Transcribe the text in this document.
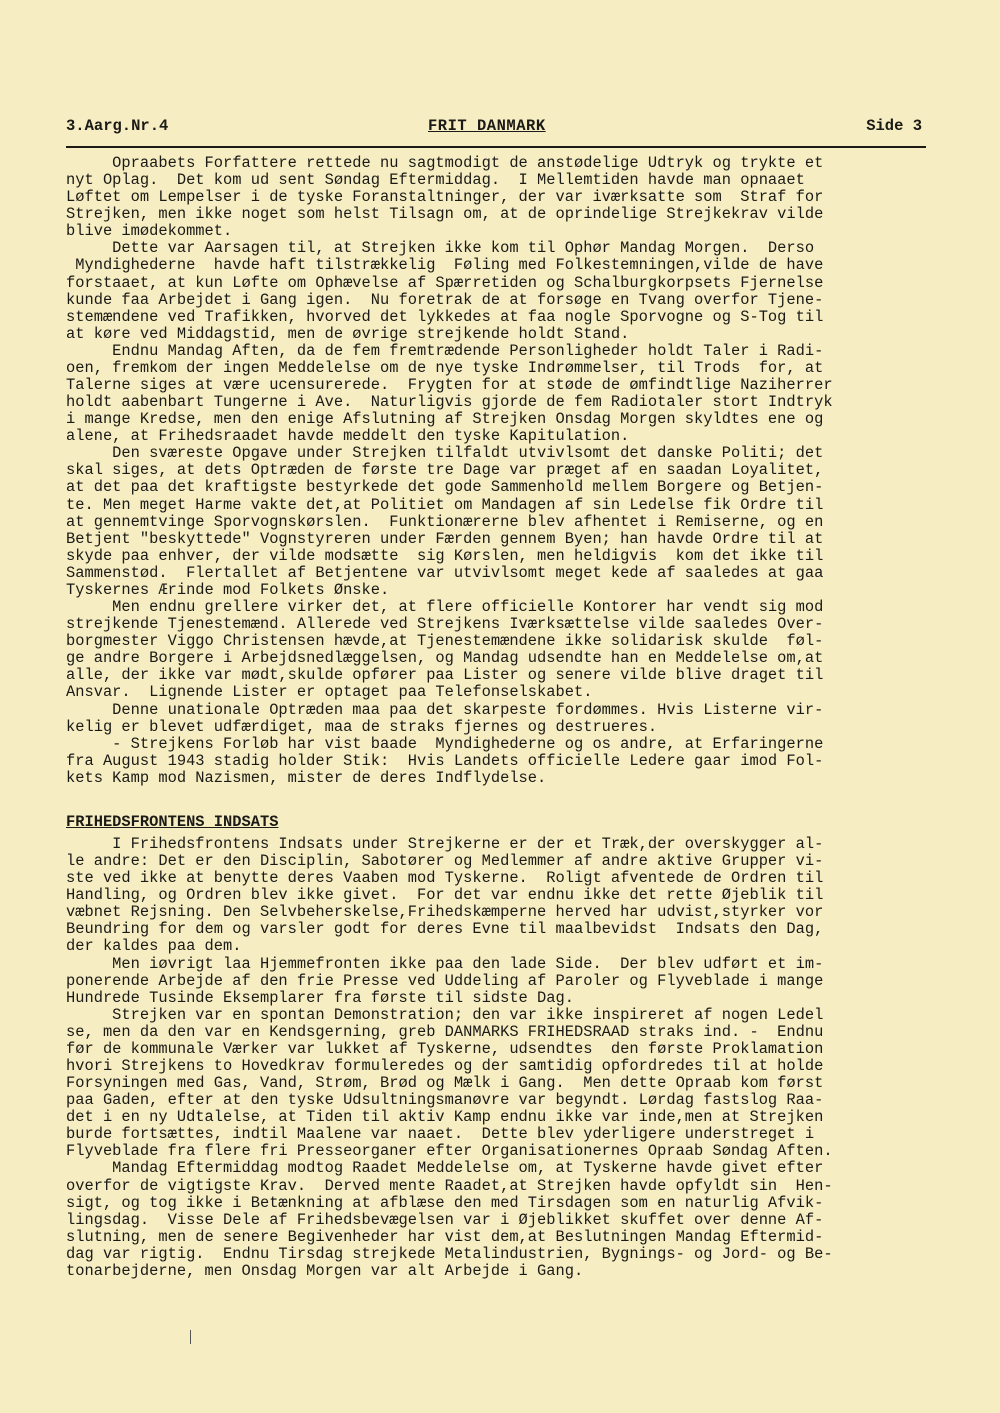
3.Aarg.Nr.4	FRIT DANMARK	Side 3
Opraabets Forfattere rettede nu sagtmodigt de anstødelige Udtryk og trykte et
nyt Oplag.  Det kom ud sent Søndag Eftermiddag.  I Mellemtiden havde man opnaaet
Løftet om Lempelser i de tyske Foranstaltninger, der var iværksatte som  Straf for
Strejken, men ikke noget som helst Tilsagn om, at de oprindelige Strejkekrav vilde
blive imødekommet.
Dette var Aarsagen til, at Strejken ikke kom til Ophør Mandag Morgen.  Derso
Myndighederne  havde haft tilstrækkelig  Føling med Folkestemningen,vilde de have
forstaaet, at kun Løfte om Ophævelse af Spærretiden og Schalburgkorpsets Fjernelse
kunde faa Arbejdet i Gang igen.  Nu foretrak de at forsøge en Tvang overfor Tjene-
stemændene ved Trafikken, hvorved det lykkedes at faa nogle Sporvogne og S-Tog til
at køre ved Middagstid, men de øvrige strejkende holdt Stand.
Endnu Mandag Aften, da de fem fremtrædende Personligheder holdt Taler i Radi-
oen, fremkom der ingen Meddelelse om de nye tyske Indrømmelser, til Trods  for, at
Talerne siges at være ucensurerede.  Frygten for at støde de ømfindtlige Naziherrer
holdt aabenbart Tungerne i Ave.  Naturligvis gjorde de fem Radiotaler stort Indtryk
i mange Kredse, men den enige Afslutning af Strejken Onsdag Morgen skyldtes ene og
alene, at Frihedsraadet havde meddelt den tyske Kapitulation.
Den sværeste Opgave under Strejken tilfaldt utvivlsomt det danske Politi; det
skal siges, at dets Optræden de første tre Dage var præget af en saadan Loyalitet,
at det paa det kraftigste bestyrkede det gode Sammenhold mellem Borgere og Betjen-
te. Men meget Harme vakte det,at Politiet om Mandagen af sin Ledelse fik Ordre til
at gennemtvinge Sporvognskørslen.  Funktionærerne blev afhentet i Remiserne, og en
Betjent "beskyttede" Vognstyreren under Færden gennem Byen; han havde Ordre til at
skyde paa enhver, der vilde modsætte  sig Kørslen, men heldigvis  kom det ikke til
Sammenstød.  Flertallet af Betjentene var utvivlsomt meget kede af saaledes at gaa
Tyskernes Ærinde mod Folkets Ønske.
Men endnu grellere virker det, at flere officielle Kontorer har vendt sig mod
strejkende Tjenestemænd. Allerede ved Strejkens Iværksættelse vilde saaledes Over-
borgmester Viggo Christensen hævde,at Tjenestemændene ikke solidarisk skulde  føl-
ge andre Borgere i Arbejdsnedlæggelsen, og Mandag udsendte han en Meddelelse om,at
alle, der ikke var mødt,skulde opfører paa Lister og senere vilde blive draget til
Ansvar.  Lignende Lister er optaget paa Telefonselskabet.
Denne unationale Optræden maa paa det skarpeste fordømmes. Hvis Listerne vir-
kelig er blevet udfærdiget, maa de straks fjernes og destrueres.
- Strejkens Forløb har vist baade  Myndighederne og os andre, at Erfaringerne
fra August 1943 stadig holder Stik:  Hvis Landets officielle Ledere gaar imod Fol-
kets Kamp mod Nazismen, mister de deres Indflydelse.
FRIHEDSFRONTENS INDSATS
I Frihedsfrontens Indsats under Strejkerne er der et Træk,der overskygger al-
le andre: Det er den Disciplin, Sabotører og Medlemmer af andre aktive Grupper vi-
ste ved ikke at benytte deres Vaaben mod Tyskerne.  Roligt afventede de Ordren til
Handling, og Ordren blev ikke givet.  For det var endnu ikke det rette Øjeblik til
væbnet Rejsning. Den Selvbeherskelse,Frihedskæmperne herved har udvist,styrker vor
Beundring for dem og varsler godt for deres Evne til maalbevidst  Indsats den Dag,
der kaldes paa dem.
Men iøvrigt laa Hjemmefronten ikke paa den lade Side.  Der blev udført et im-
ponerende Arbejde af den frie Presse ved Uddeling af Paroler og Flyveblade i mange
Hundrede Tusinde Eksemplarer fra første til sidste Dag.
Strejken var en spontan Demonstration; den var ikke inspireret af nogen Ledel
se, men da den var en Kendsgerning, greb DANMARKS FRIHEDSRAAD straks ind. -  Endnu
før de kommunale Værker var lukket af Tyskerne, udsendtes  den første Proklamation
hvori Strejkens to Hovedkrav formuleredes og der samtidig opfordredes til at holde
Forsyningen med Gas, Vand, Strøm, Brød og Mælk i Gang.  Men dette Opraab kom først
paa Gaden, efter at den tyske Udsultningsmanøvre var begyndt. Lørdag fastslog Raa-
det i en ny Udtalelse, at Tiden til aktiv Kamp endnu ikke var inde,men at Strejken
burde fortsættes, indtil Maalene var naaet.  Dette blev yderligere understreget i
Flyveblade fra flere fri Presseorganer efter Organisationernes Opraab Søndag Aften.
Mandag Eftermiddag modtog Raadet Meddelelse om, at Tyskerne havde givet efter
overfor de vigtigste Krav.  Derved mente Raadet,at Strejken havde opfyldt sin  Hen-
sigt, og tog ikke i Betænkning at afblæse den med Tirsdagen som en naturlig Afvik-
lingsdag.  Visse Dele af Frihedsbevægelsen var i Øjeblikket skuffet over denne Af-
slutning, men de senere Begivenheder har vist dem,at Beslutningen Mandag Eftermid-
dag var rigtig.  Endnu Tirsdag strejkede Metalindustrien, Bygnings- og Jord- og Be-
tonarbejderne, men Onsdag Morgen var alt Arbejde i Gang.
